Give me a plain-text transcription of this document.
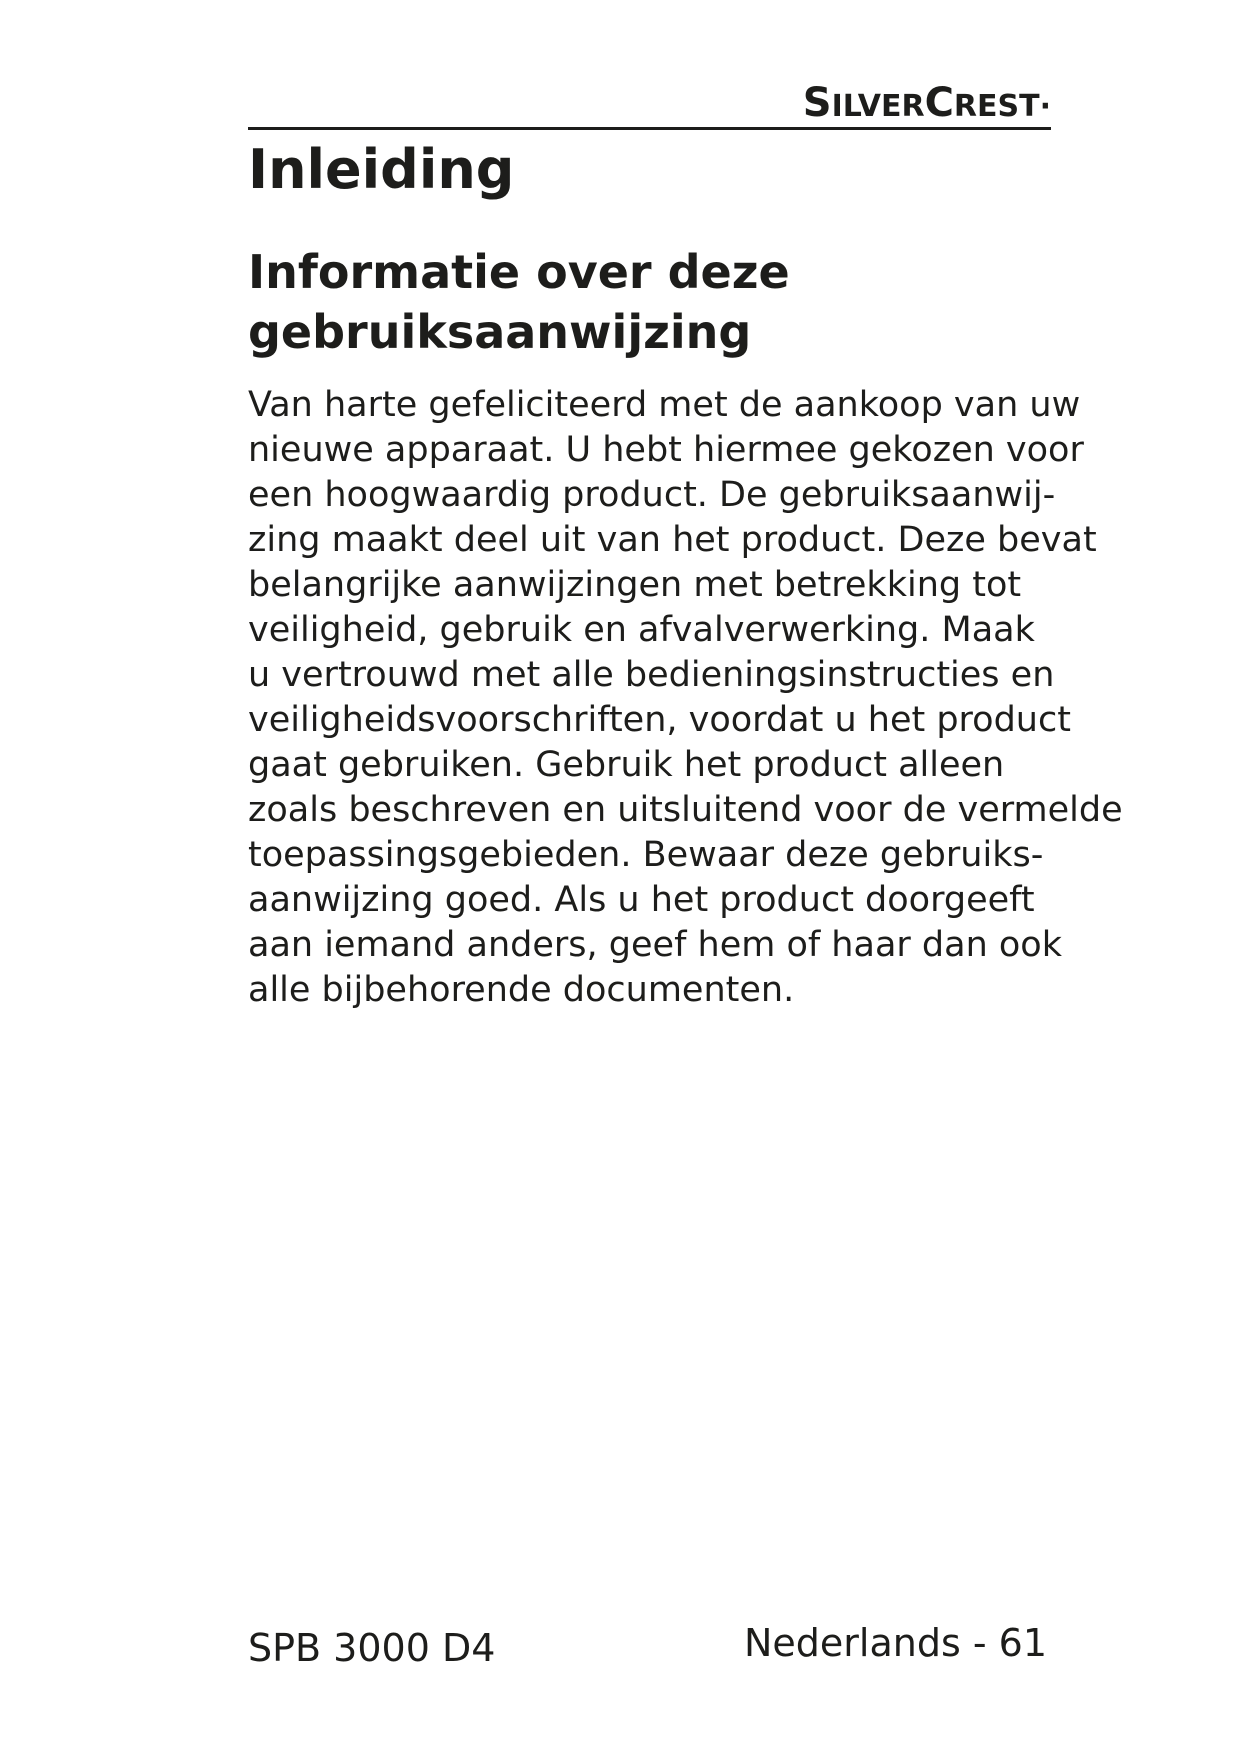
SILVERCREST·
Inleiding
Informatie over deze
gebruiksaanwijzing
Van harte gefeliciteerd met de aankoop van uw
nieuwe apparaat. U hebt hiermee gekozen voor
een hoogwaardig product. De gebruiksaanwij-
zing maakt deel uit van het product. Deze bevat
belangrijke aanwijzingen met betrekking tot
veiligheid, gebruik en afvalverwerking. Maak
u vertrouwd met alle bedieningsinstructies en
veiligheidsvoorschriften, voordat u het product
gaat gebruiken. Gebruik het product alleen
zoals beschreven en uitsluitend voor de vermelde
toepassingsgebieden. Bewaar deze gebruiks-
aanwijzing goed. Als u het product doorgeeft
aan iemand anders, geef hem of haar dan ook
alle bijbehorende documenten.
SPB 3000 D4	Nederlands - 61
